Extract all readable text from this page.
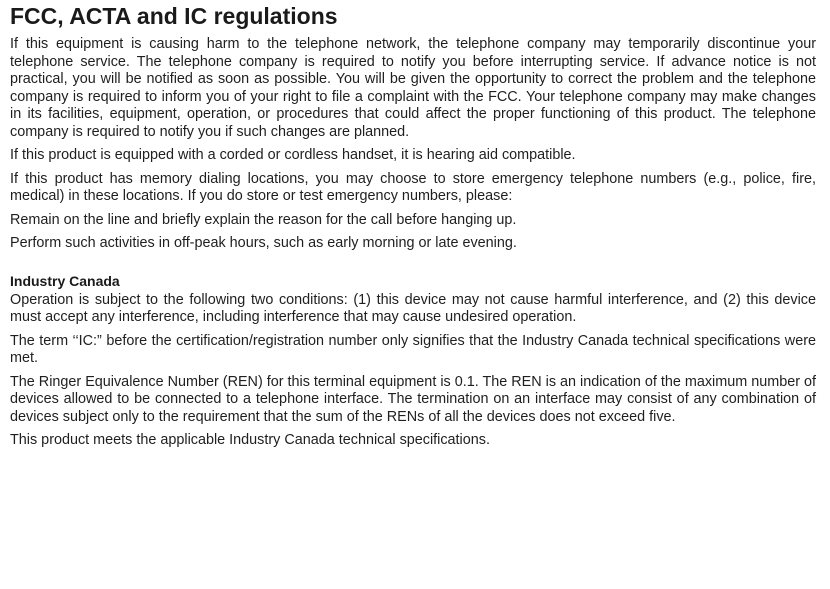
FCC, ACTA and IC regulations

If this equipment is causing harm to the telephone network, the telephone company may temporarily discontinue your telephone service. The telephone company is required to notify you before interrupting service. If advance notice is not practical, you will be notified as soon as possible. You will be given the opportunity to correct the problem and the telephone company is required to inform you of your right to file a complaint with the FCC. Your telephone company may make changes in its facilities, equipment, operation, or procedures that could affect the proper functioning of this product. The telephone company is required to notify you if such changes are planned.

If this product is equipped with a corded or cordless handset, it is hearing aid compatible.

If this product has memory dialing locations, you may choose to store emergency telephone numbers (e.g., police, fire, medical) in these locations. If you do store or test emergency numbers, please:

Remain on the line and briefly explain the reason for the call before hanging up.

Perform such activities in off-peak hours, such as early morning or late evening.

Industry Canada

Operation is subject to the following two conditions: (1) this device may not cause harmful interference, and (2) this device must accept any interference, including interference that may cause undesired operation.

The term ‘‘IC:” before the certification/registration number only signifies that the Industry Canada technical specifications were met.

The Ringer Equivalence Number (REN) for this terminal equipment is 0.1. The REN is an indication of the maximum number of devices allowed to be connected to a telephone interface. The termination on an interface may consist of any combination of devices subject only to the requirement that the sum of the RENs of all the devices does not exceed five.

This product meets the applicable Industry Canada technical specifications.
